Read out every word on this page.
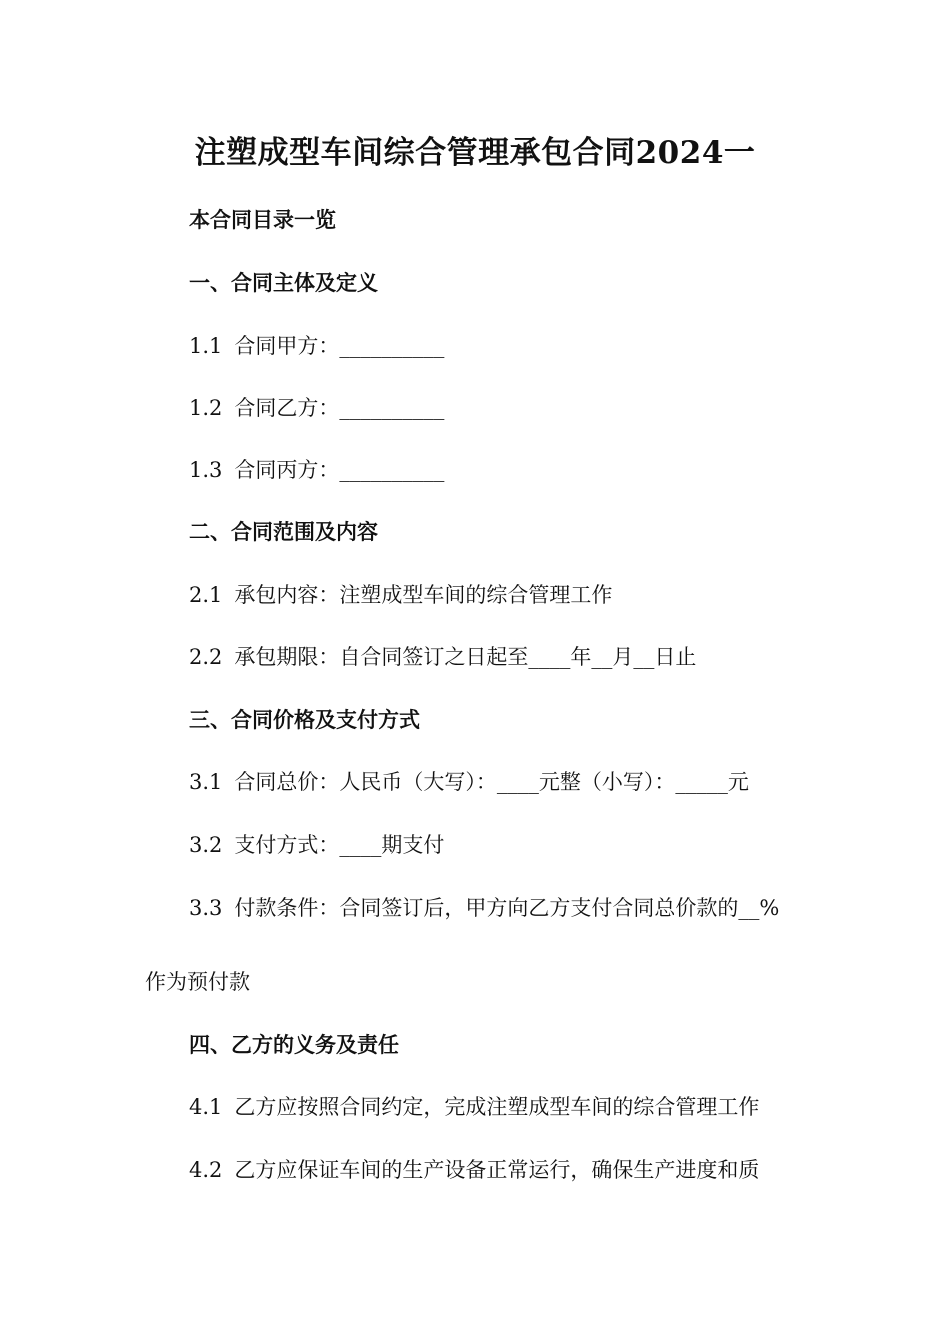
注塑成型车间综合管理承包合同2024一
本合同目录一览
一、合同主体及定义
1.1 合同甲方：__________
1.2 合同乙方：__________
1.3 合同丙方：__________
二、合同范围及内容
2.1 承包内容：注塑成型车间的综合管理工作
2.2 承包期限：自合同签订之日起至____年__月__日止
三、合同价格及支付方式
3.1 合同总价：人民币（大写）：____元整（小写）：_____元
3.2 支付方式：____期支付
3.3 付款条件：合同签订后，甲方向乙方支付合同总价款的__%
作为预付款
四、乙方的义务及责任
4.1 乙方应按照合同约定，完成注塑成型车间的综合管理工作
4.2 乙方应保证车间的生产设备正常运行，确保生产进度和质
